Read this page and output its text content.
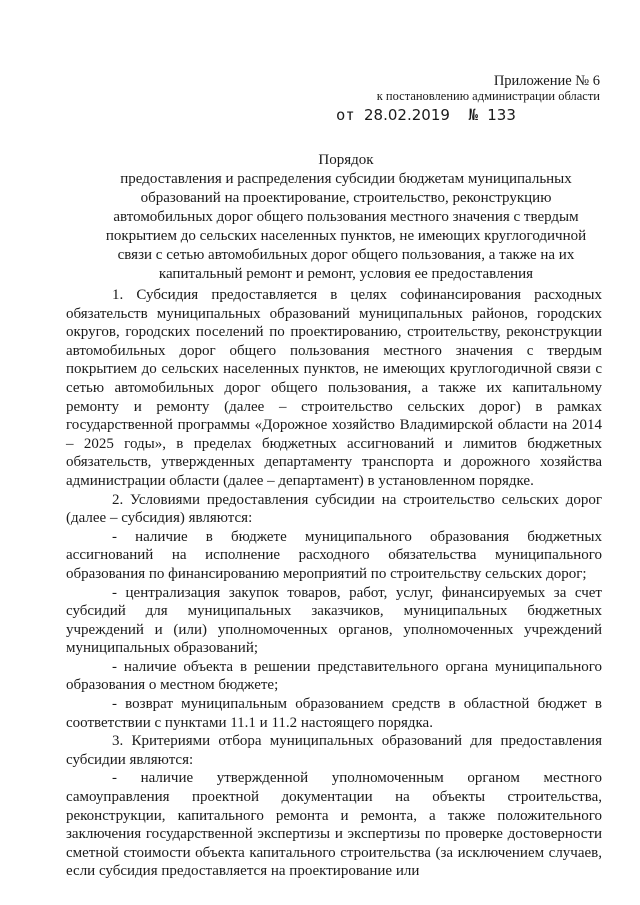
Приложение № 6
к постановлению администрации области
от 28.02.2019 № 133
Порядок
предоставления и распределения субсидии бюджетам муниципальных образований на проектирование, строительство, реконструкцию автомобильных дорог общего пользования местного значения с твердым покрытием до сельских населенных пунктов, не имеющих круглогодичной связи с сетью автомобильных дорог общего пользования, а также на их капитальный ремонт и ремонт, условия ее предоставления

1. Субсидия предоставляется в целях софинансирования расходных обязательств муниципальных образований муниципальных районов, городских округов, городских поселений по проектированию, строительству, реконструкции автомобильных дорог общего пользования местного значения с твердым покрытием до сельских населенных пунктов, не имеющих круглогодичной связи с сетью автомобильных дорог общего пользования, а также их капитальному ремонту и ремонту (далее – строительство сельских дорог) в рамках государственной программы «Дорожное хозяйство Владимирской области на 2014 – 2025 годы», в пределах бюджетных ассигнований и лимитов бюджетных обязательств, утвержденных департаменту транспорта и дорожного хозяйства администрации области (далее – департамент) в установленном порядке.

2. Условиями предоставления субсидии на строительство сельских дорог (далее – субсидия) являются:

- наличие в бюджете муниципального образования бюджетных ассигнований на исполнение расходного обязательства муниципального образования по финансированию мероприятий по строительству сельских дорог;

- централизация закупок товаров, работ, услуг, финансируемых за счет субсидий для муниципальных заказчиков, муниципальных бюджетных учреждений и (или) уполномоченных органов, уполномоченных учреждений муниципальных образований;

- наличие объекта в решении представительного органа муниципального образования о местном бюджете;

- возврат муниципальным образованием средств в областной бюджет в соответствии с пунктами 11.1 и 11.2 настоящего порядка.

3. Критериями отбора муниципальных образований для предоставления субсидии являются:

- наличие утвержденной уполномоченным органом местного самоуправления проектной документации на объекты строительства, реконструкции, капитального ремонта и ремонта, а также положительного заключения государственной экспертизы и экспертизы по проверке достоверности сметной стоимости объекта капитального строительства (за исключением случаев, если субсидия предоставляется на проектирование или
